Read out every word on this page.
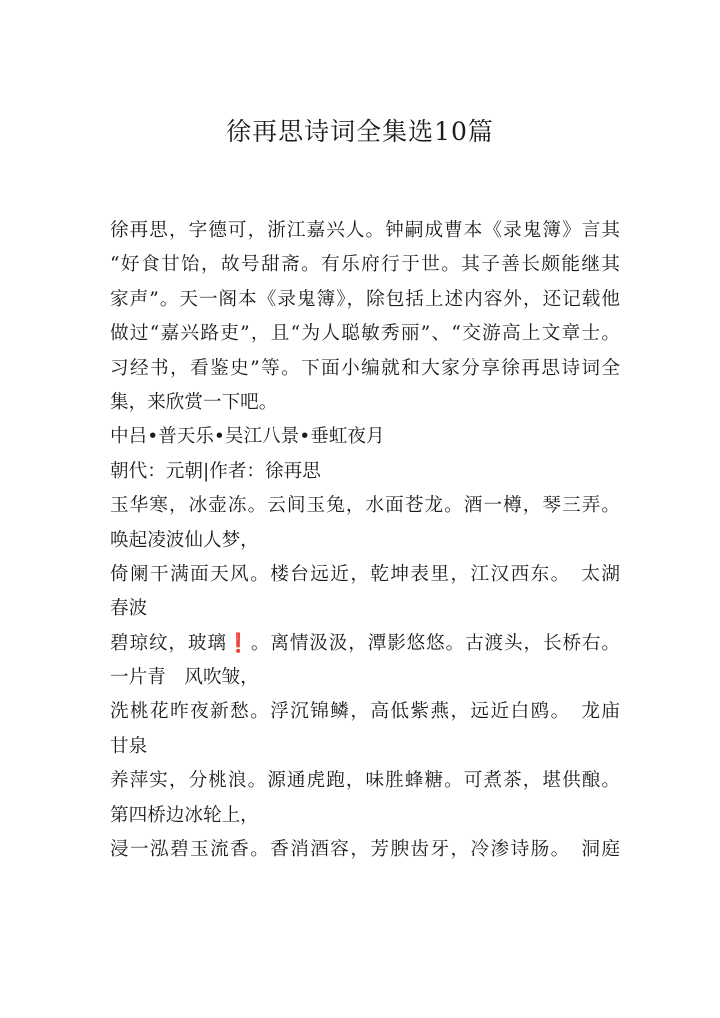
徐再思诗词全集选10篇
徐再思，字德可，浙江嘉兴人。钟嗣成曹本《录鬼簿》言其
“好食甘饴，故号甜斋。有乐府行于世。其子善长颇能继其
家声”。天一阁本《录鬼簿》，除包括上述内容外，还记载他
做过“嘉兴路吏”，且“为人聪敏秀丽”、“交游高上文章士。
习经书，看鉴史”等。下面小编就和大家分享徐再思诗词全
集，来欣赏一下吧。
中吕•普天乐•吴江八景•垂虹夜月
朝代：元朝|作者：徐再思
玉华寒，冰壶冻。云间玉兔，水面苍龙。酒一樽，琴三弄。
唤起凌波仙人梦，
倚阑干满面天风。楼台远近，乾坤表里，江汉西东。　太湖
春波
碧琼纹，玻璃❗。离情汲汲，潭影悠悠。古渡头，长桥右。
一片青　风吹皱，
洗桃花昨夜新愁。浮沉锦鳞，高低紫燕，远近白鸥。　龙庙
甘泉
养萍实，分桃浪。源通虎跑，味胜蜂糖。可煮茶，堪供酿。
第四桥边冰轮上，
浸一泓碧玉流香。香消酒容，芳腴齿牙，冷渗诗肠。　洞庭
